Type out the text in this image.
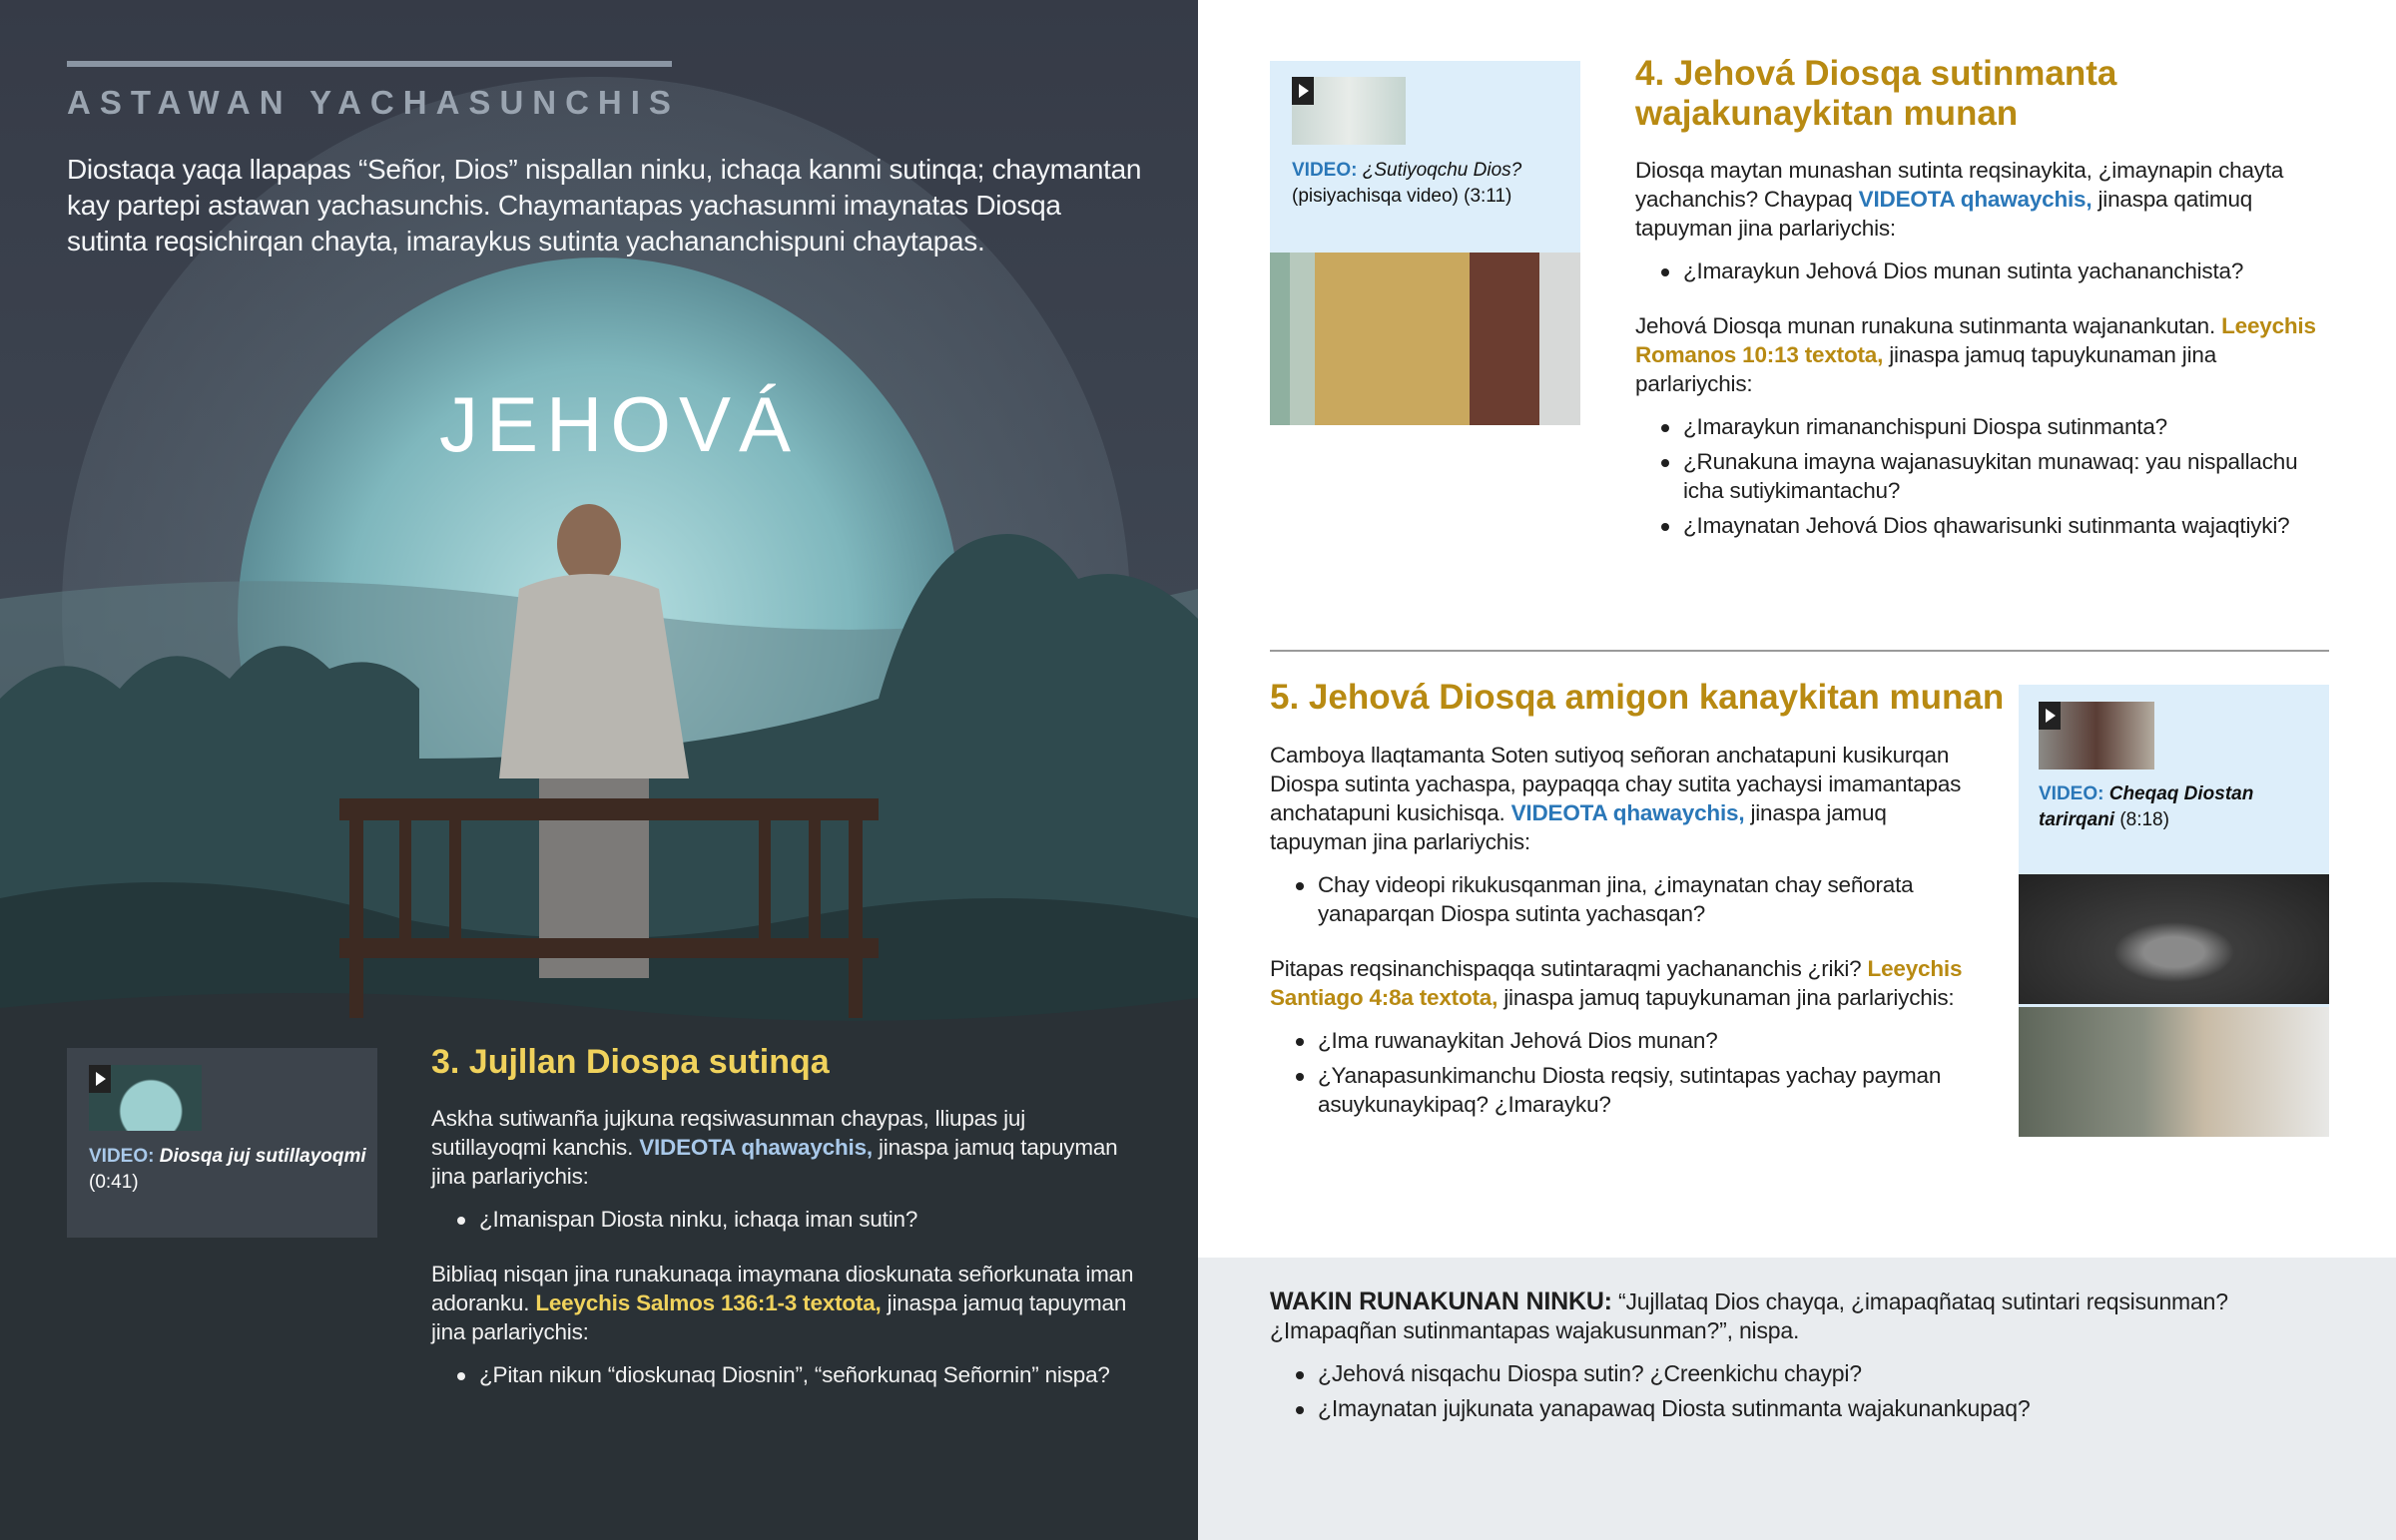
ASTAWAN YACHASUNCHIS
Diostaqa yaqa llapapas “Señor, Dios” nispallan ninku, ichaqa kanmi sutinqa; chaymantan kay partepi astawan yachasunchis. Chaymantapas yachasunmi imaynatas Diosqa sutinta reqsichirqan chayta, imaraykus sutinta yachananchispuni chaytapas.
JEHOVÁ
VIDEO: Diosqa juj sutillayoqmi
(0:41)
3. Jujllan Diospa sutinqa

Askha sutiwanña jujkuna reqsiwasunman chaypas, lliupas juj sutillayoqmi kanchis. VIDEOTA qhawaychis, jinaspa jamuq tapuyman jina parlariychis:

¿Imanispan Diosta ninku, ichaqa iman sutin?

Bibliaq nisqan jina runakunaqa imaymana dioskunata señorkunata iman adoranku. Leeychis Salmos 136:1-3 textota, jinaspa jamuq tapuyman jina parlariychis:

¿Pitan nikun “dioskunaq Diosnin”, “señorkunaq Señornin” nispa?
VIDEO: ¿Sutiyoqchu Dios?
(pisiyachisqa video) (3:11)
4. Jehová Diosqa sutinmanta wajakunaykitan munan

Diosqa maytan munashan sutinta reqsinaykita, ¿imaynapin chayta yachanchis? Chaypaq VIDEOTA qhawaychis, jinaspa qatimuq tapuyman jina parlariychis:

¿Imaraykun Jehová Dios munan sutinta yachananchista?

Jehová Diosqa munan runakuna sutinmanta wajanankutan. Leeychis Romanos 10:13 textota, jinaspa jamuq tapuykunaman jina parlariychis:

¿Imaraykun rimananchispuni Diospa sutinmanta?
¿Runakuna imayna wajanasuykitan munawaq: yau nispallachu icha sutiykimantachu?
¿Imaynatan Jehová Dios qhawarisunki sutinmanta wajaqtiyki?
5. Jehová Diosqa amigon kanaykitan munan

Camboya llaqtamanta Soten sutiyoq señoran anchatapuni kusikurqan Diospa sutinta yachaspa, paypaqqa chay sutita yachaysi imamantapas anchatapuni kusichisqa. VIDEOTA qhawaychis, jinaspa jamuq tapuyman jina parlariychis:

Chay videopi rikukusqanman jina, ¿imaynatan chay señorata yanaparqan Diospa sutinta yachasqan?

Pitapas reqsinanchispaqqa sutintaraqmi yachananchis ¿riki? Leeychis Santiago 4:8a textota, jinaspa jamuq tapuykunaman jina parlariychis:

¿Ima ruwanaykitan Jehová Dios munan?
¿Yanapasunkimanchu Diosta reqsiy, sutintapas yachay payman asuykunaykipaq? ¿Imarayku?
VIDEO: Cheqaq Diostan tarirqani (8:18)

WAKIN RUNAKUNAN NINKU: “Jujllataq Dios chayqa, ¿imapaqñataq sutintari reqsisunman? ¿Imapaqñan sutinmantapas wajakusunman?”, nispa.

¿Jehová nisqachu Diospa sutin? ¿Creenkichu chaypi?
¿Imaynatan jujkunata yanapawaq Diosta sutinmanta wajakunankupaq?
